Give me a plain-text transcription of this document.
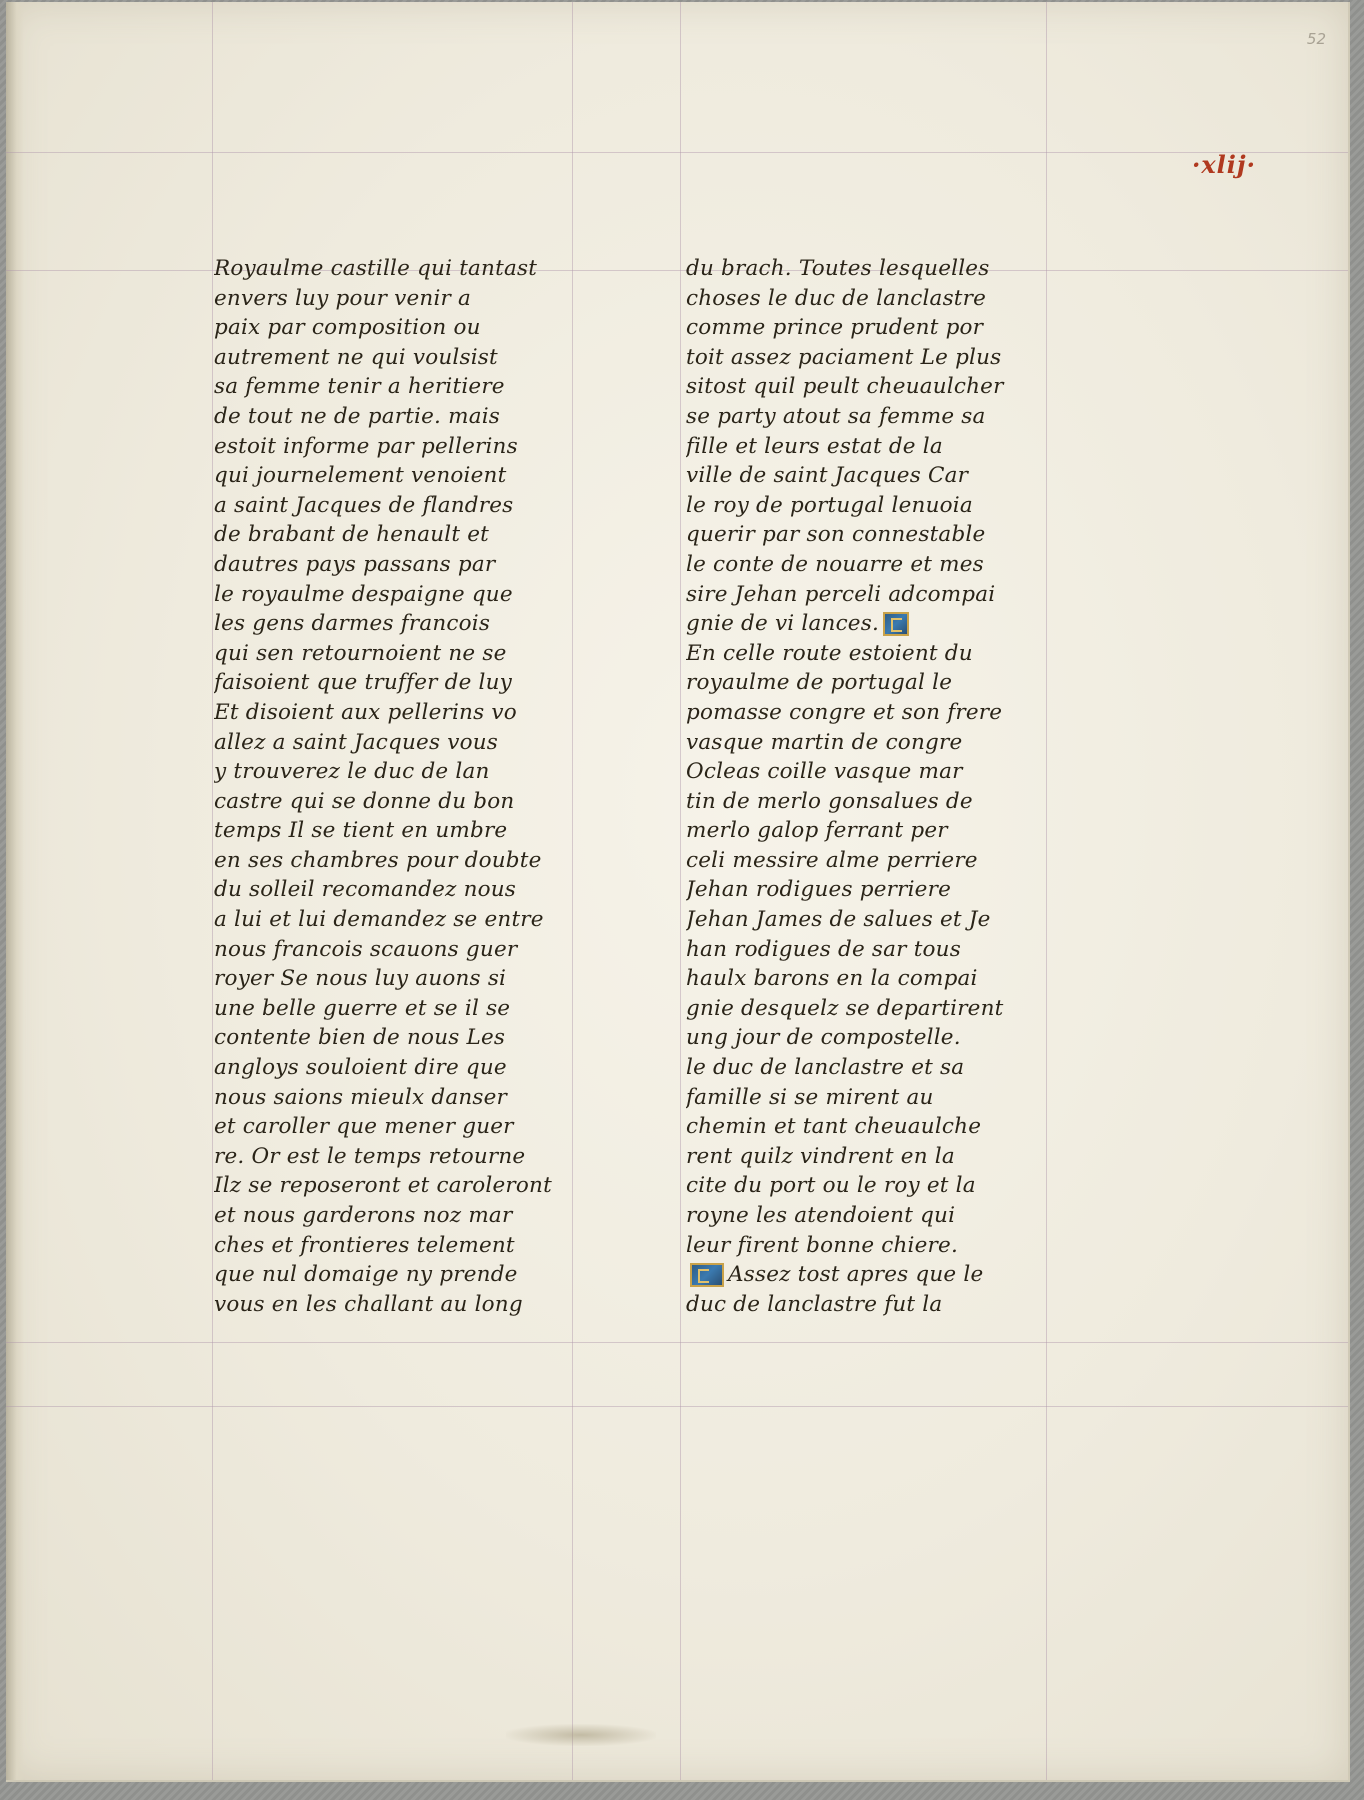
52
·xlij·
Royaulme castille qui tantast
envers luy pour venir a
paix par composition ou
autrement ne qui voulsist
sa femme tenir a heritiere
de tout ne de partie. mais
estoit informe par pellerins
qui journelement venoient
a saint Jacques de flandres
de brabant de henault et
dautres pays passans par
le royaulme despaigne que
les gens darmes francois
qui sen retournoient ne se
faisoient que truffer de luy
Et disoient aux pellerins vo
allez a saint Jacques vous
y trouverez le duc de lan
castre qui se donne du bon
temps Il se tient en umbre
en ses chambres pour doubte
du solleil recomandez nous
a lui et lui demandez se entre
nous francois scauons guer
royer Se nous luy auons si
une belle guerre et se il se
contente bien de nous Les
angloys souloient dire que
nous saions mieulx danser
et caroller que mener guer
re. Or est le temps retourne
Ilz se reposeront et caroleront
et nous garderons noz mar
ches et frontieres telement
que nul domaige ny prende
vous en les challant au long
du brach. Toutes lesquelles
choses le duc de lanclastre
comme prince prudent por
toit assez paciament Le plus
sitost quil peult cheuaulcher
se party atout sa femme sa
fille et leurs estat de la
ville de saint Jacques Car
le roy de portugal lenuoia
querir par son connestable
le conte de nouarre et mes
sire Jehan perceli adcompai
gnie de vi lances.
En celle route estoient du
royaulme de portugal le
pomasse congre et son frere
vasque martin de congre
Ocleas coille vasque mar
tin de merlo gonsalues de
merlo galop ferrant per
celi messire alme perriere
Jehan rodigues perriere
Jehan James de salues et Je
han rodigues de sar tous
haulx barons en la compai
gnie desquelz se departirent
ung jour de compostelle.
le duc de lanclastre et sa
famille si se mirent au
chemin et tant cheuaulche
rent quilz vindrent en la
cite du port ou le roy et la
royne les atendoient qui
leur firent bonne chiere.
Assez tost apres que le
duc de lanclastre fut la
